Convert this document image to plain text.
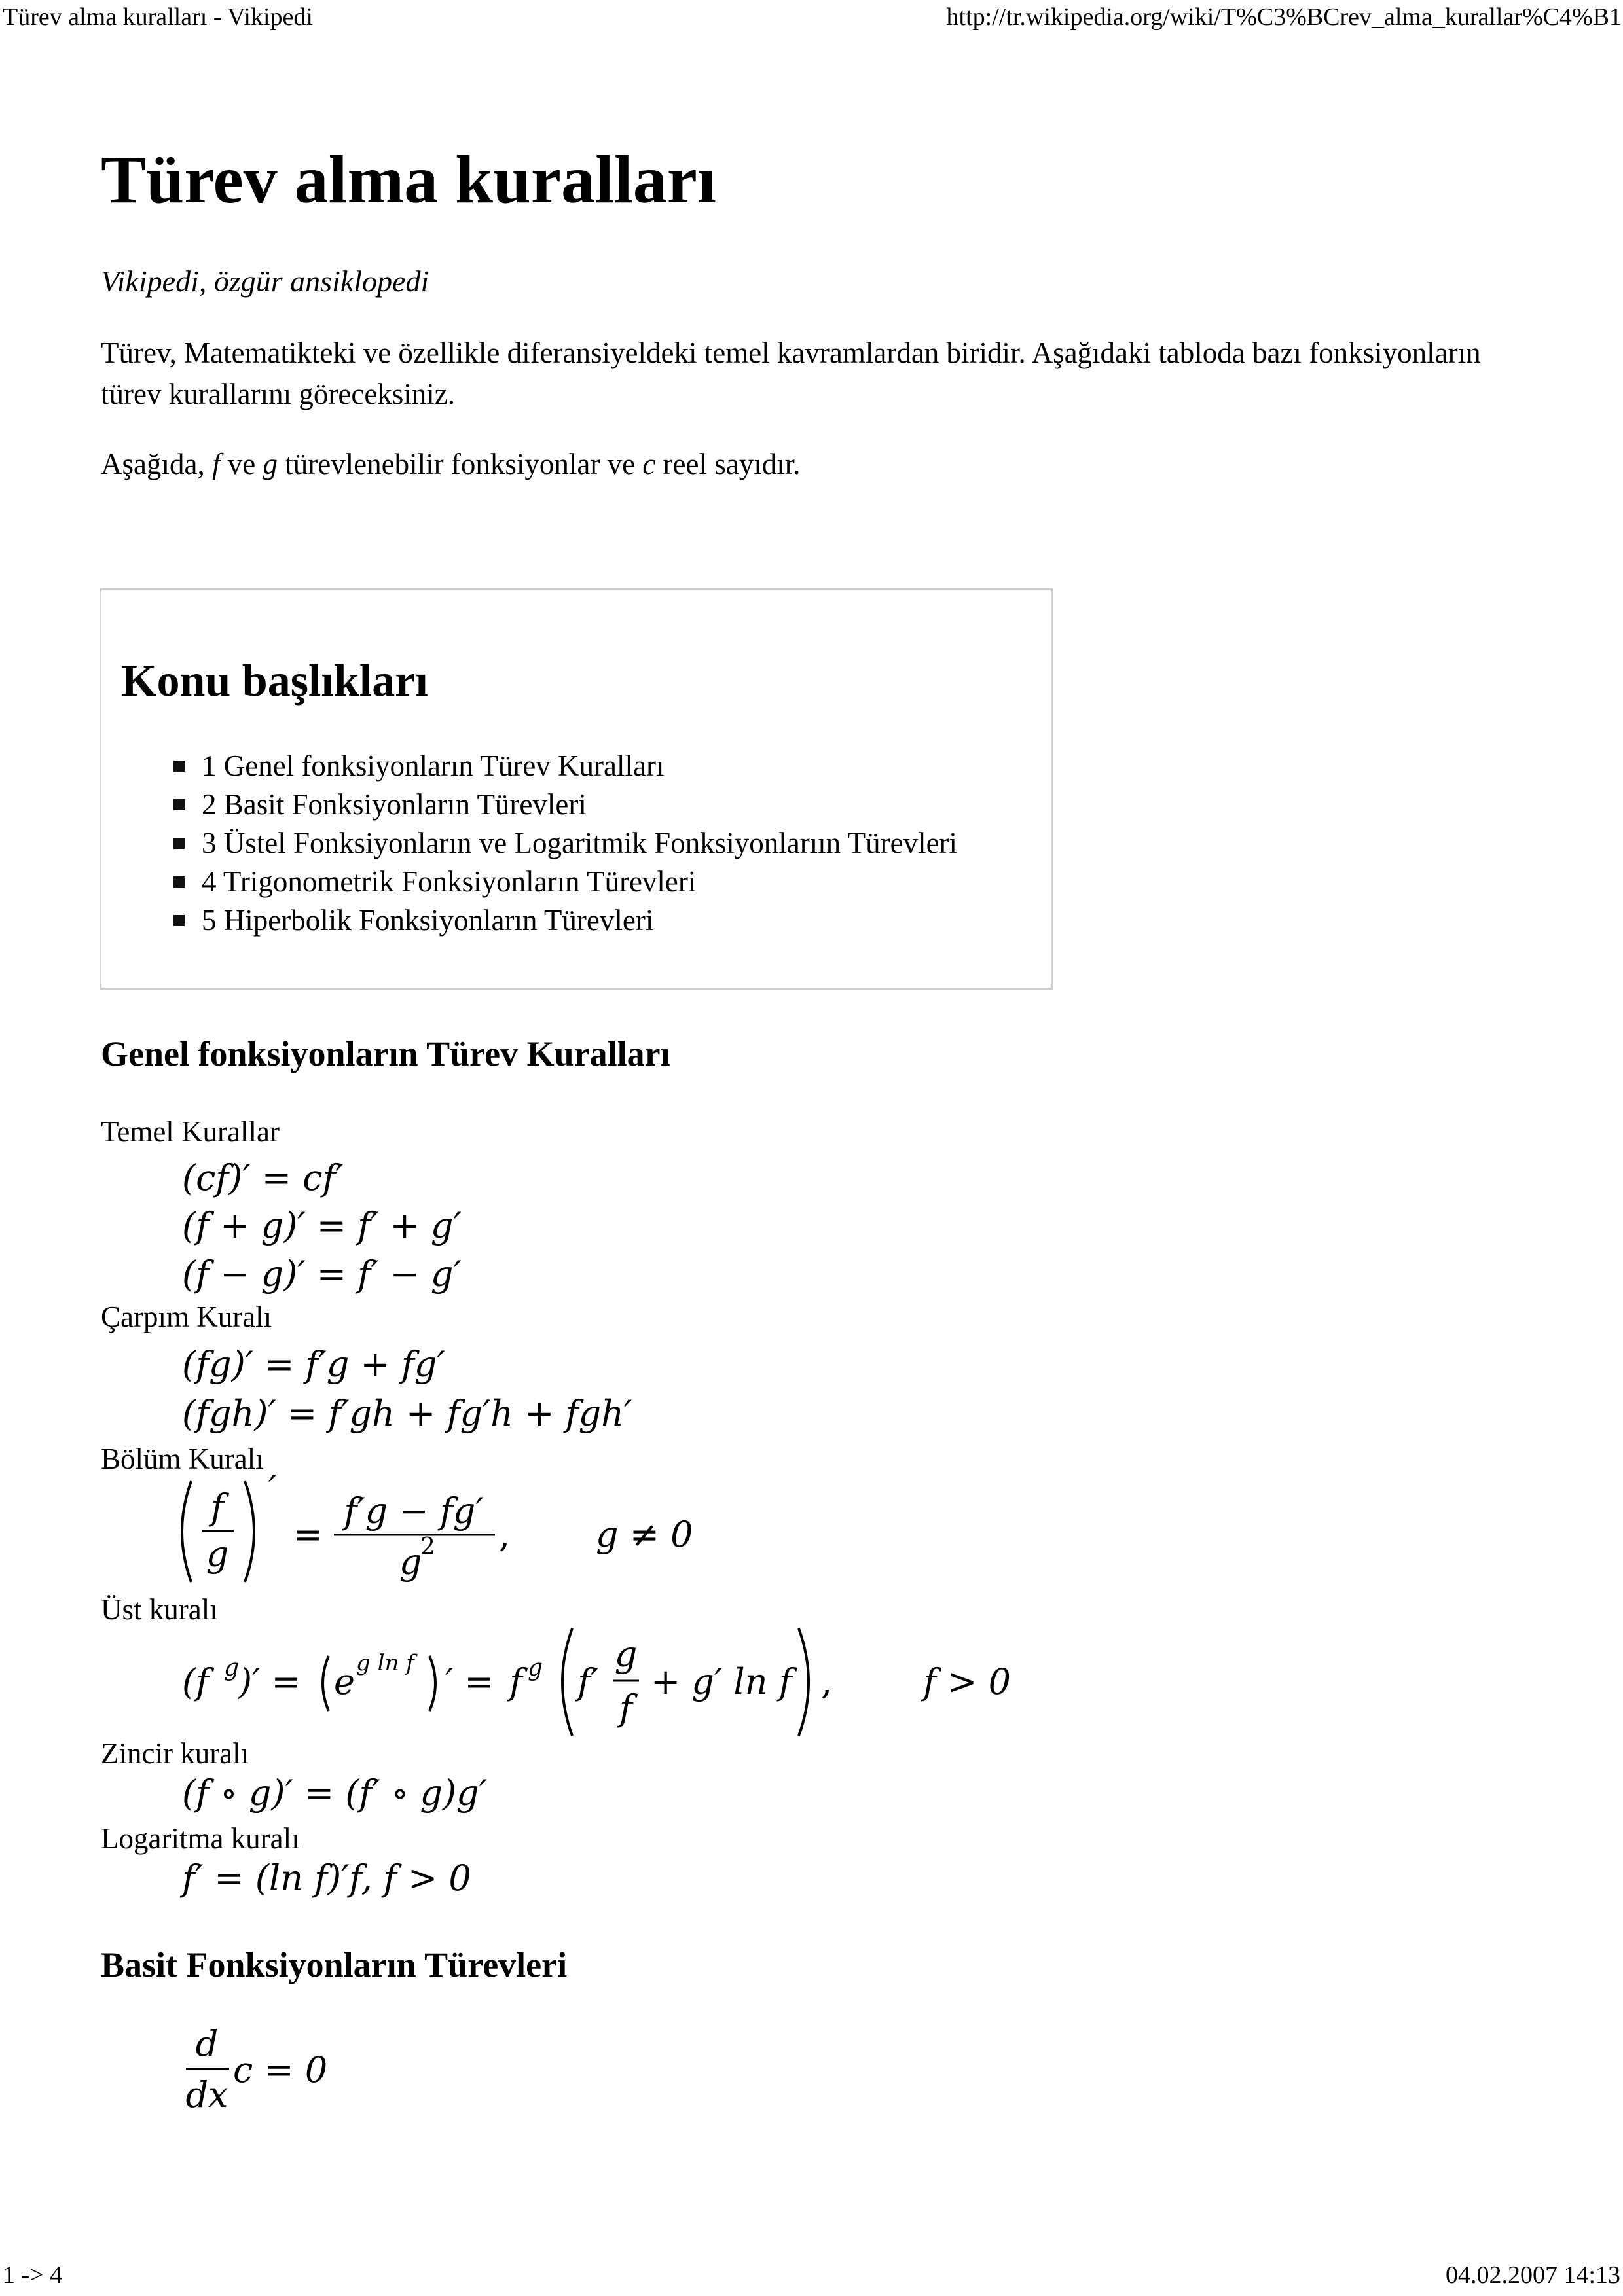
Türev alma kuralları - Vikipedi	http://tr.wikipedia.org/wiki/T%C3%BCrev_alma_kurallar%C4%B1
Türev alma kuralları
Vikipedi, özgür ansiklopedi

Türev, Matematikteki ve özellikle diferansiyeldeki temel kavramlardan biridir. Aşağıdaki tabloda bazı fonksiyonların türev kurallarını göreceksiniz.

Aşağıda, f ve g türevlenebilir fonksiyonlar ve c reel sayıdır.

Konu başlıkları
1 Genel fonksiyonların Türev Kuralları
2 Basit Fonksiyonların Türevleri
3 Üstel Fonksiyonların ve Logaritmik Fonksiyonlarıın Türevleri
4 Trigonometrik Fonksiyonların Türevleri
5 Hiperbolik Fonksiyonların Türevleri
Genel fonksiyonların Türev Kuralları
Temel Kurallar
(cf)′ = cf′
(f + g)′ = f′ + g′
(f − g)′ = f′ − g′
Çarpım Kuralı
(fg)′ = f′g + fg′
(fgh)′ = f′gh + fg′h + fgh′
Bölüm Kuralı
f
g
′
=
f′g − fg′
g
2 , g ≠ 0
Üst kuralı
(f g
)′ = e g ln f ′ = f g f′
g
f
+ g′ ln f ,	f > 0
Zincir kuralı
(f ∘ g)′ = (f′ ∘ g)g′
Logaritma kuralı
f′ = (ln f)′f, f > 0
Basit Fonksiyonların Türevleri
d
dx
c = 0
1 -> 4	04.02.2007 14:13
